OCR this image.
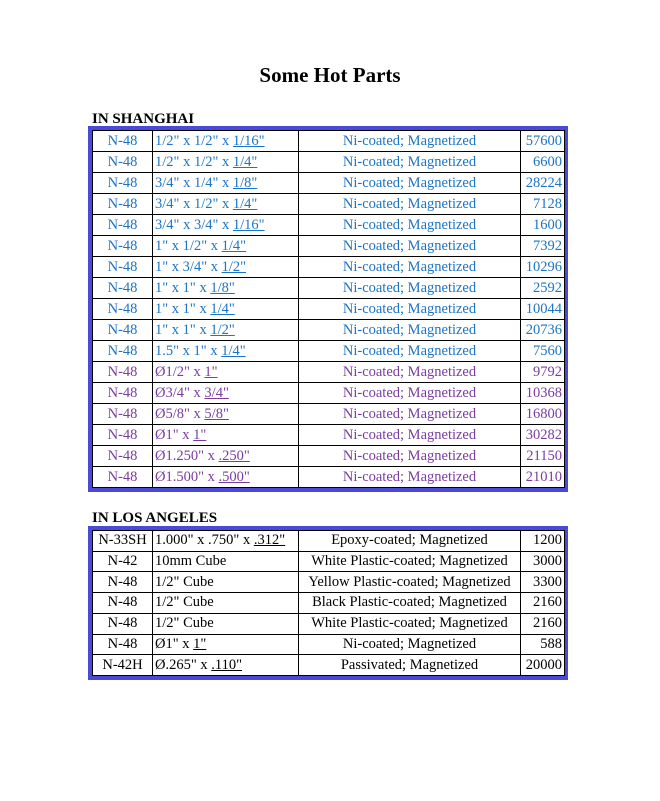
Some Hot Parts
IN SHANGHAI
N-48	1/2" x 1/2" x 1/16"	Ni-coated; Magnetized	57600
N-48	1/2" x 1/2" x 1/4"	Ni-coated; Magnetized	6600
N-48	3/4" x 1/4" x 1/8"	Ni-coated; Magnetized	28224
N-48	3/4" x 1/2" x 1/4"	Ni-coated; Magnetized	7128
N-48	3/4" x 3/4" x 1/16"	Ni-coated; Magnetized	1600
N-48	1" x 1/2" x 1/4"	Ni-coated; Magnetized	7392
N-48	1" x 3/4" x 1/2"	Ni-coated; Magnetized	10296
N-48	1" x 1" x 1/8"	Ni-coated; Magnetized	2592
N-48	1" x 1" x 1/4"	Ni-coated; Magnetized	10044
N-48	1" x 1" x 1/2"	Ni-coated; Magnetized	20736
N-48	1.5" x 1" x 1/4"	Ni-coated; Magnetized	7560
N-48	Ø1/2" x 1"	Ni-coated; Magnetized	9792
N-48	Ø3/4" x 3/4"	Ni-coated; Magnetized	10368
N-48	Ø5/8" x 5/8"	Ni-coated; Magnetized	16800
N-48	Ø1" x 1"	Ni-coated; Magnetized	30282
N-48	Ø1.250" x .250"	Ni-coated; Magnetized	21150
N-48	Ø1.500" x .500"	Ni-coated; Magnetized	21010
IN LOS ANGELES
N-33SH	1.000" x .750" x .312"	Epoxy-coated; Magnetized	1200
N-42	10mm Cube	White Plastic-coated; Magnetized	3000
N-48	1/2" Cube	Yellow Plastic-coated; Magnetized	3300
N-48	1/2" Cube	Black Plastic-coated; Magnetized	2160
N-48	1/2" Cube	White Plastic-coated; Magnetized	2160
N-48	Ø1" x 1"	Ni-coated; Magnetized	588
N-42H	Ø.265" x .110"	Passivated; Magnetized	20000
